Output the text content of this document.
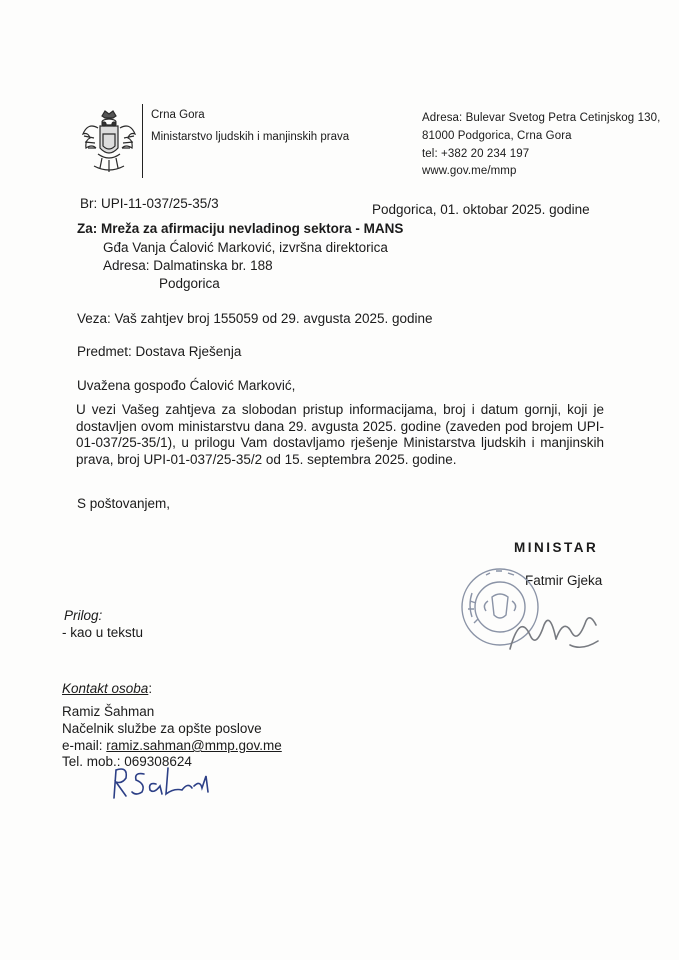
Crna Gora
Ministarstvo ljudskih i manjinskih prava
Adresa: Bulevar Svetog Petra Cetinjskog 130,
81000 Podgorica, Crna Gora
tel: +382 20 234 197
www.gov.me/mmp
Br: UPI-11-037/25-35/3	Podgorica, 01. oktobar 2025. godine
Za: Mreža za afirmaciju nevladinog sektora - MANS
Gđa Vanja Ćalović Marković, izvršna direktorica
Adresa: Dalmatinska br. 188
Podgorica
Veza: Vaš zahtjev broj 155059 od 29. avgusta 2025. godine
Predmet: Dostava Rješenja
Uvažena gospođo Ćalović Marković,
U vezi Vašeg zahtjeva za slobodan pristup informacijama, broj i datum gornji, koji je
dostavljen ovom ministarstvu dana 29. avgusta 2025. godine (zaveden pod brojem UPI-
01-037/25-35/1), u prilogu Vam dostavljamo rješenje Ministarstva ljudskih i manjinskih
prava, broj UPI-01-037/25-35/2 od 15. septembra 2025. godine.
S poštovanjem,
MINISTAR
Fatmir Gjeka
Prilog:
- kao u tekstu
Kontakt osoba:
Ramiz Šahman
Načelnik službe za opšte poslove
e-mail: ramiz.sahman@mmp.gov.me
Tel. mob.: 069308624
